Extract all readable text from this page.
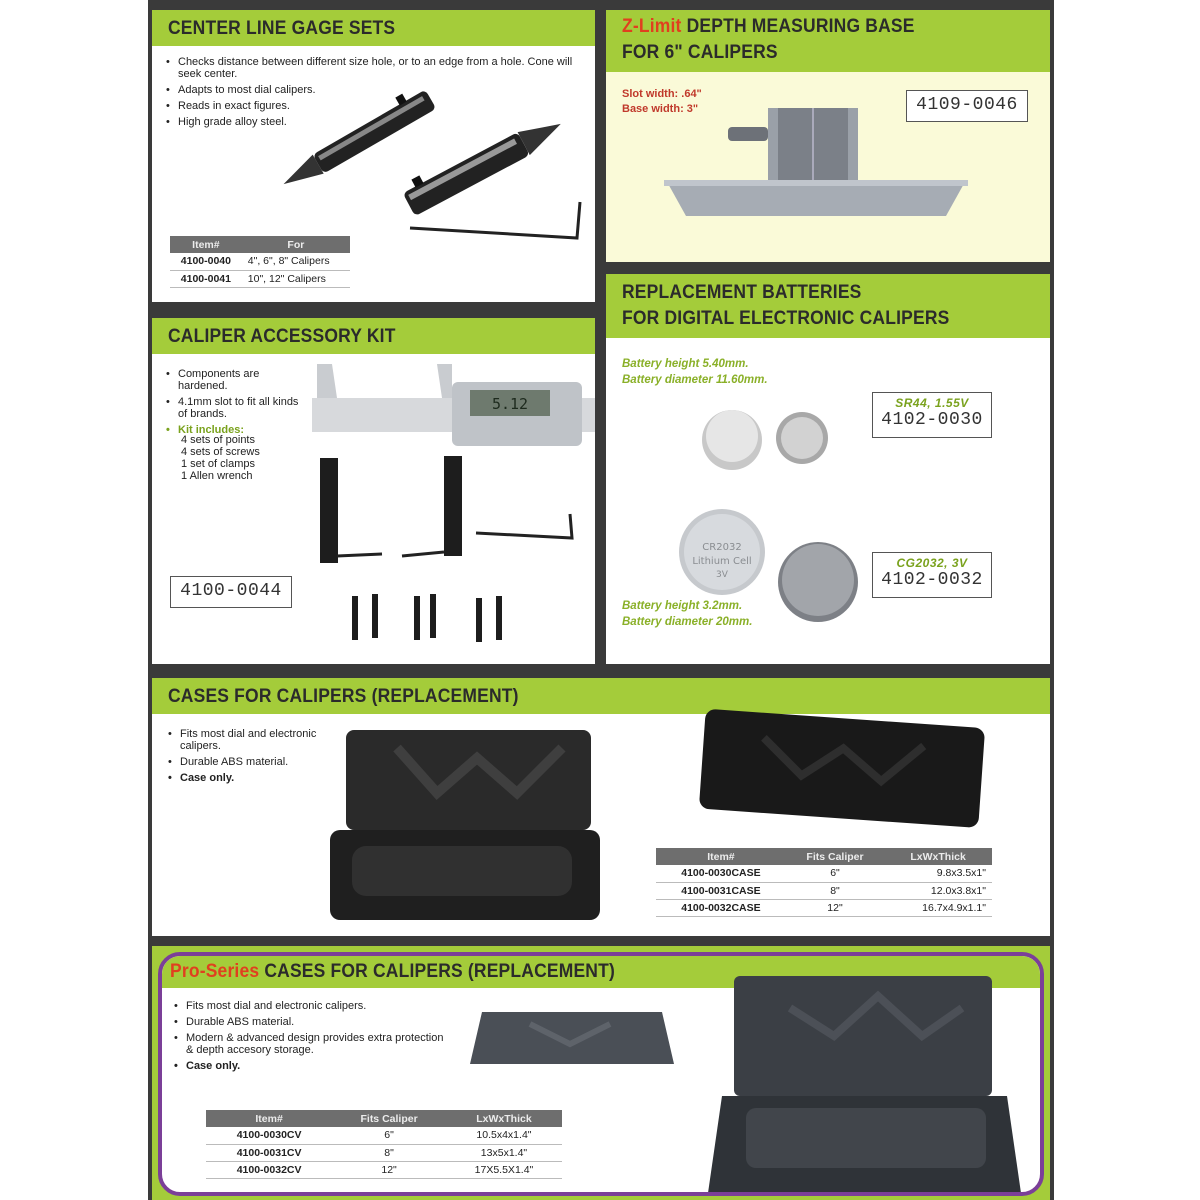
CENTER LINE GAGE SETS
• Checks distance between different size hole, or to an edge from a hole. Cone will seek center.
• Adapts to most dial calipers.
• Reads in exact figures.
• High grade alloy steel.
Item#	For
4100-0040	4", 6", 8" Calipers
4100-0041	10", 12" Calipers
Z-Limit DEPTH MEASURING BASE
FOR 6" CALIPERS
Slot width: .64"
Base width: 3"	4109-0046
CALIPER ACCESSORY KIT
• Components are hardened.
• 4.1mm slot to fit all kinds of brands.
• Kit includes:
4 sets of points
4 sets of screws
1 set of clamps
1 Allen wrench
5.12
4100-0044
REPLACEMENT BATTERIES
FOR DIGITAL ELECTRONIC CALIPERS
Battery height 5.40mm.
Battery diameter 11.60mm.
CR2032
Lithium Cell
3V
SR44, 1.55V
4102-0030
CG2032, 3V
4102-0032
Battery height 3.2mm.
Battery diameter 20mm.
CASES FOR CALIPERS (REPLACEMENT)
• Fits most dial and electronic calipers.
• Durable ABS material.
• Case only.
Item#	Fits Caliper	LxWxThick
4100-0030CASE	6"	9.8x3.5x1"
4100-0031CASE	8"	12.0x3.8x1"
4100-0032CASE	12"	16.7x4.9x1.1"
Pro-Series CASES FOR CALIPERS (REPLACEMENT)
• Fits most dial and electronic calipers.
• Durable ABS material.
• Modern & advanced design provides extra protection & depth accesory storage.
• Case only.
Item#	Fits Caliper	LxWxThick
4100-0030CV	6"	10.5x4x1.4"
4100-0031CV	8"	13x5x1.4"
4100-0032CV	12"	17X5.5X1.4"
